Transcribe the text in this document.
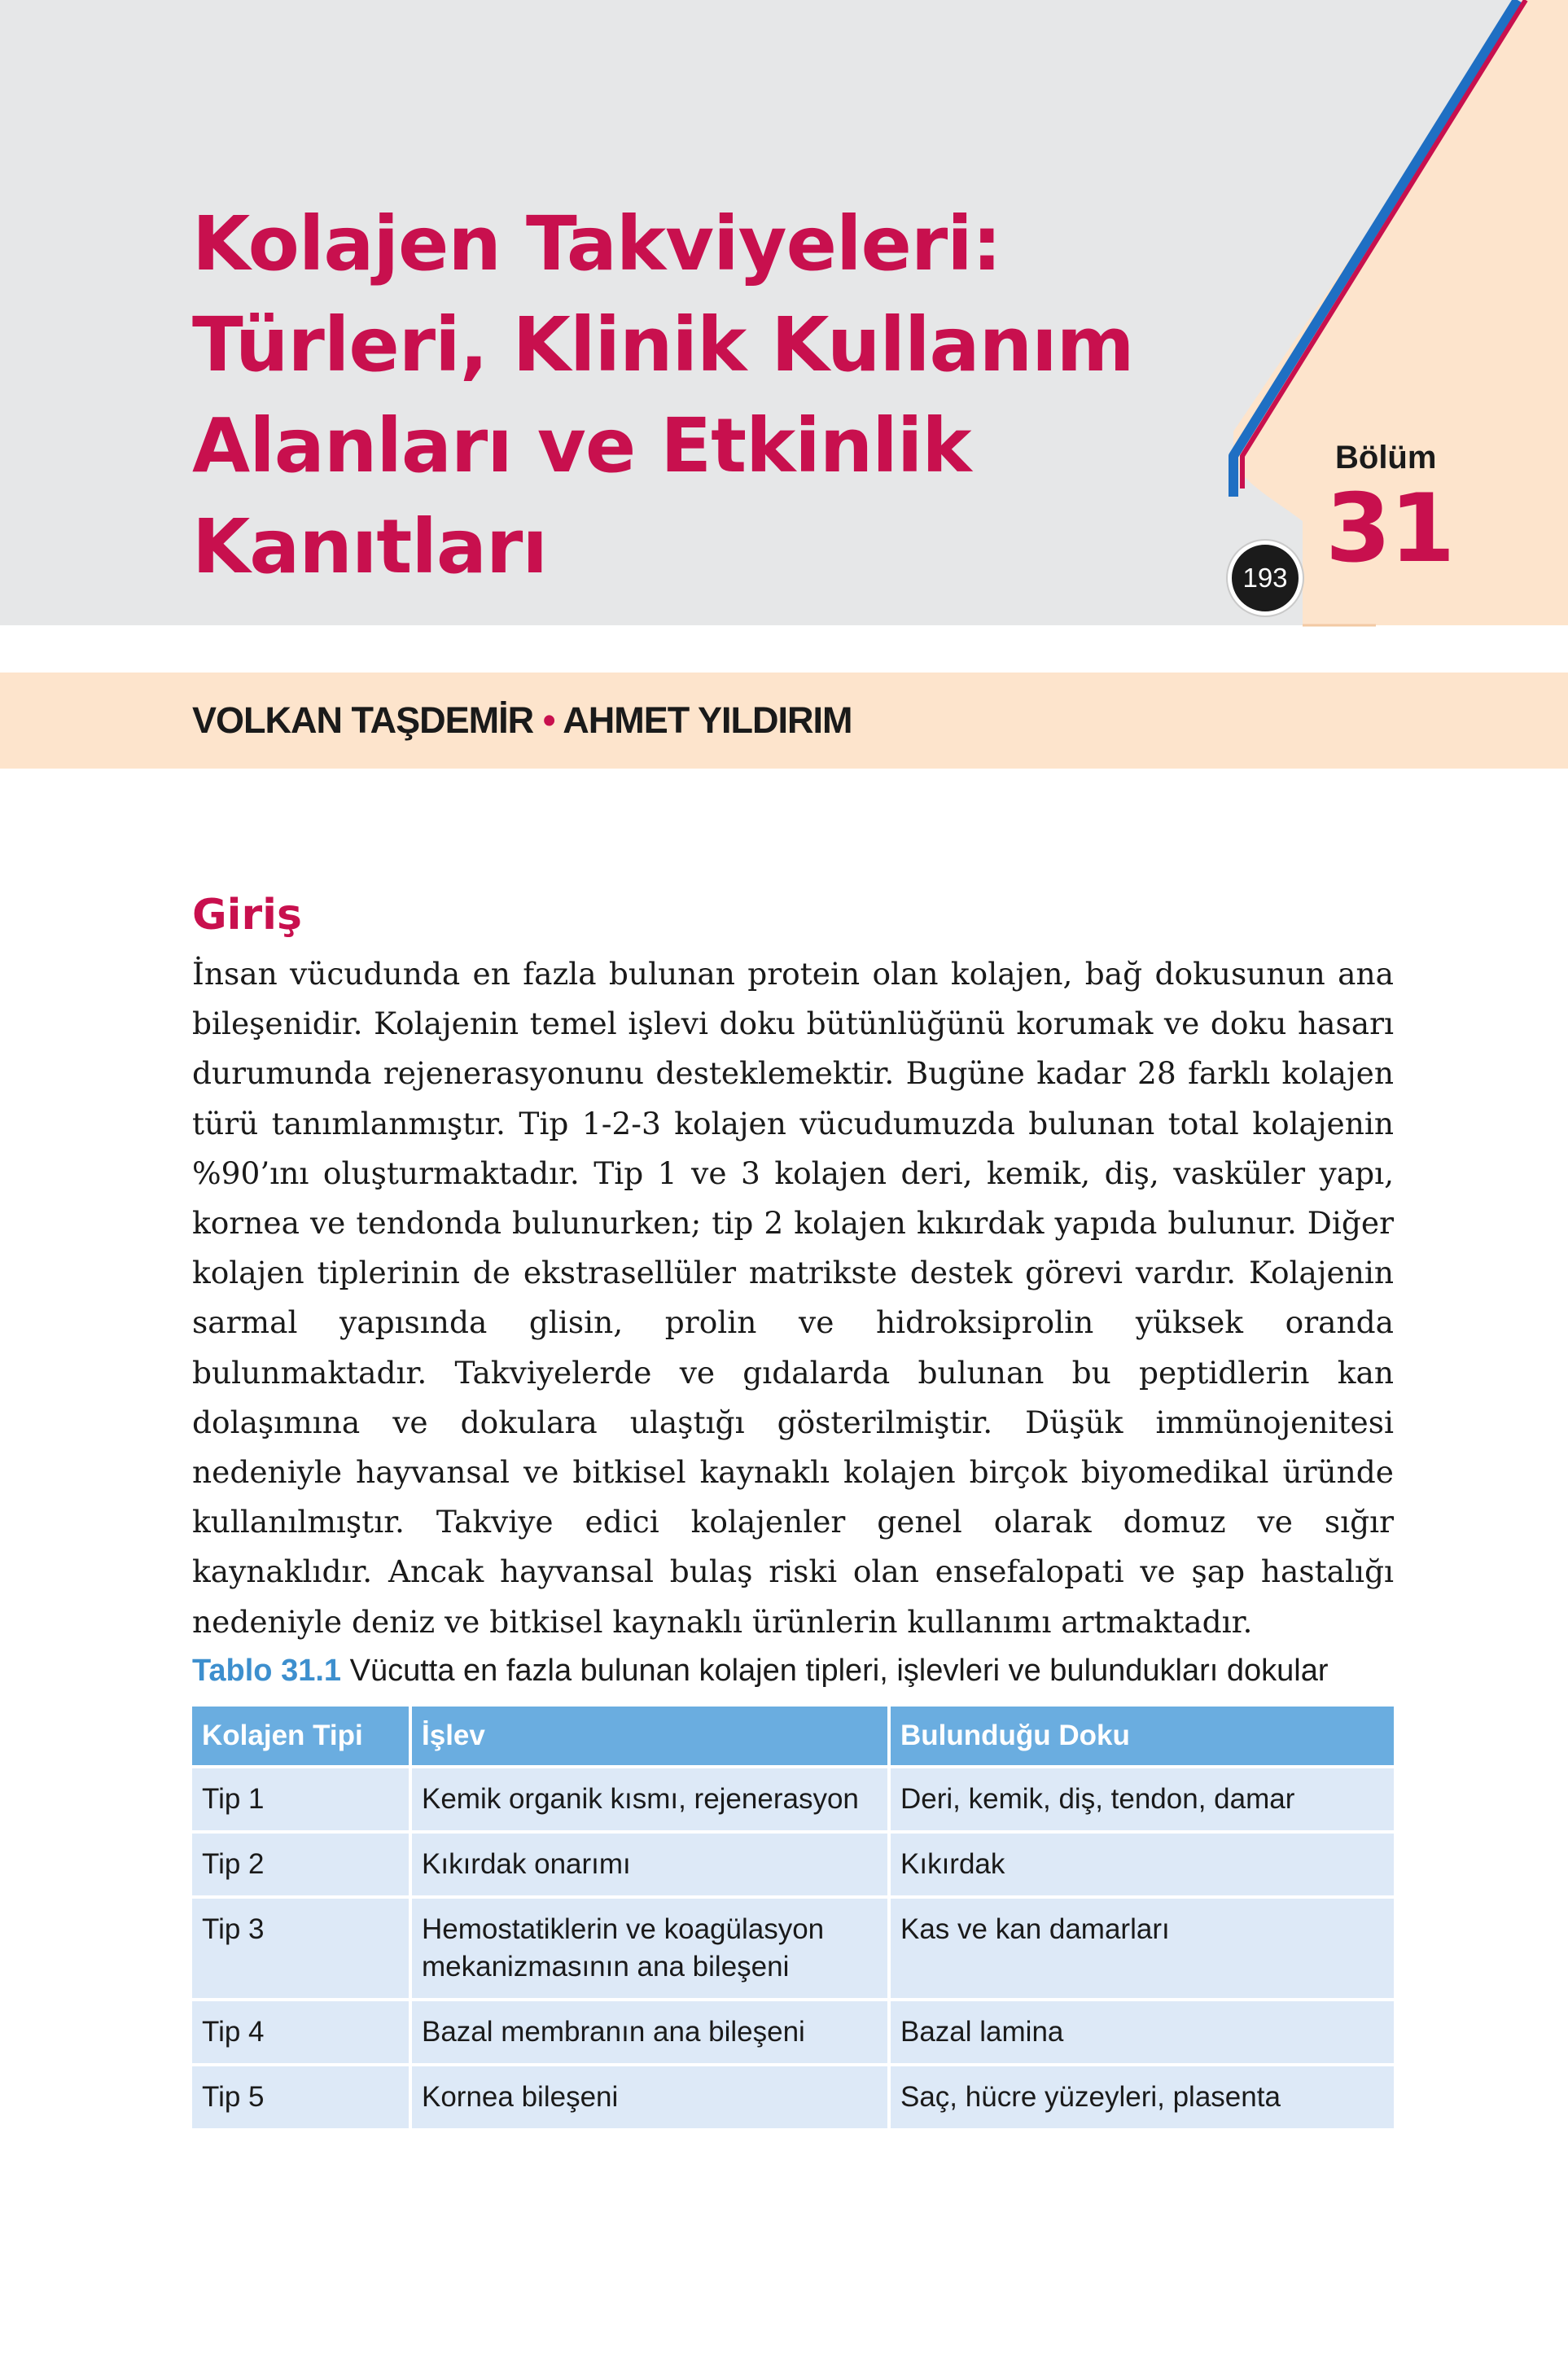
Kolajen Takviyeleri:
Türleri, Klinik Kullanım
Alanları ve Etkinlik
Kanıtları
Bölüm
31
193
VOLKAN TAŞDEMİR • AHMET YILDIRIM
Giriş

İnsan vücudunda en fazla bulunan protein olan kolajen, bağ dokusunun ana bileşenidir. Kolajenin temel işlevi doku bütünlüğünü korumak ve doku hasarı durumunda rejenerasyonunu desteklemektir. Bugüne kadar 28 farklı kolajen türü tanımlanmıştır. Tip 1-2-3 kolajen vücudumuzda bulunan total kolajenin %90’ını oluşturmaktadır. Tip 1 ve 3 kolajen deri, kemik, diş, vasküler yapı, kornea ve tendonda bulunurken; tip 2 kolajen kıkırdak yapıda bulunur. Diğer kolajen tiplerinin de ekstrasellüler matrikste destek görevi vardır. Kolajenin sarmal yapısında glisin, prolin ve hidroksiprolin yüksek oranda bulunmaktadır. Takviyelerde ve gıdalarda bulunan bu peptidlerin kan dolaşımına ve dokulara ulaştığı gösterilmiştir. Düşük immünojenitesi nedeniyle hayvansal ve bitkisel kaynaklı kolajen birçok biyomedikal üründe kullanılmıştır. Takviye edici kolajenler genel olarak domuz ve sığır kaynaklıdır. Ancak hayvansal bulaş riski olan ensefalopati ve şap hastalığı nedeniyle deniz ve bitkisel kaynaklı ürünlerin kullanımı artmaktadır.

Tablo 31.1 Vücutta en fazla bulunan kolajen tipleri, işlevleri ve bulundukları dokular
Kolajen Tipi	İşlev	Bulunduğu Doku
Tip 1	Kemik organik kısmı, rejenerasyon	Deri, kemik, diş, tendon, damar
Tip 2	Kıkırdak onarımı	Kıkırdak
Tip 3	Hemostatiklerin ve koagülasyon mekanizmasının ana bileşeni	Kas ve kan damarları
Tip 4	Bazal membranın ana bileşeni	Bazal lamina
Tip 5	Kornea bileşeni	Saç, hücre yüzeyleri, plasenta
